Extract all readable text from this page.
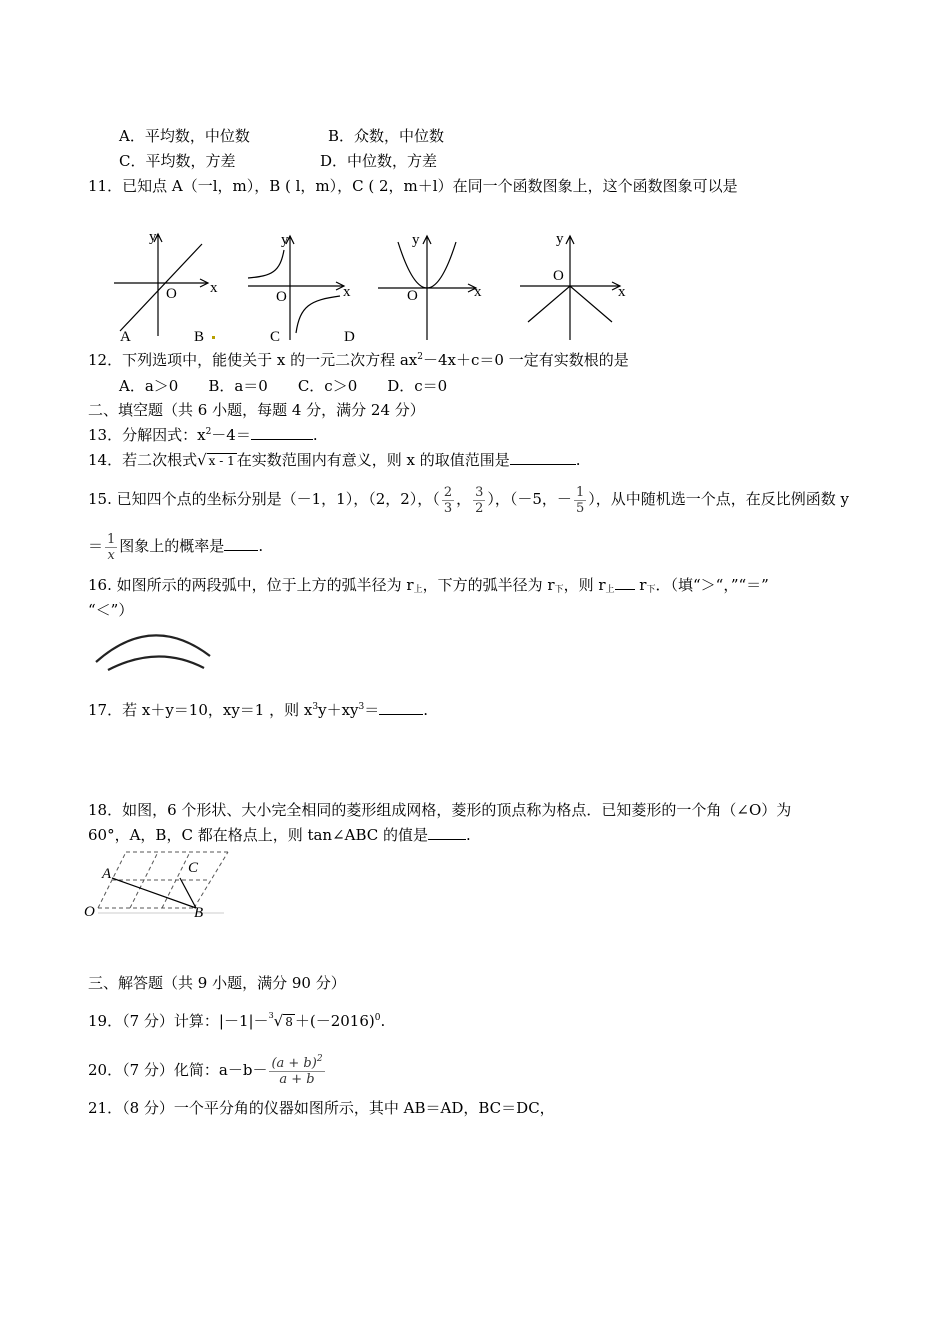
A．平均数，中位数	B．众数，中位数
C．平均数，方差	D．中位数，方差
11．已知点 A（一l，m），B ( l，m），C ( 2，m＋l）在同一个函数图象上，这个函数图象可以是
y
x
O
y
x
O
y
x
O
y
x
O
A	B	C	D
12．下列选项中，能使关于 x 的一元二次方程 $ax^2-4x+c=0$ 一定有实数根的是
A．a＞0　　B．a＝0　　C．c＞0　　D．c＝0
二、填空题（共 6 小题，每题 4 分，满分 24 分）
13．分解因式：$x^2-4=$	.
14．若二次根式√ x - 1 在实数范围内有意义，则 x 的取值范围是	.
15. 已知四个点的坐标分别是（－1，1），（2，2），（ $\frac{2}{3}$ ， $\frac{3}{2}$ ），（－5，－ $\frac{1}{5}$ ），从中随机选一个点，在反比例函数 y
＝ $\frac{1}{x}$ 图象上的概率是 .
16. 如图所示的两段弧中，位于上方的弧半径为 $r_上$，下方的弧半径为 $r_下$，则 $r_上$ $r_下$．（填“＞“，”“＝”
“＜”）
17．若 x＋y＝10，xy＝1 ，则 $x^3y+xy^3=$	.
18．如图，6 个形状、大小完全相同的菱形组成网格，菱形的顶点称为格点．已知菱形的一个角（∠O）为
60°，A，B，C 都在格点上，则 tan∠ABC 的值是	.
A	C
B
O
三、解答题（共 9 小题，满分 90 分）
19．（7 分）计算：|－1|－$^3$√ $8 +(-2016)^0$.
20．（7 分）化简：$a-b- \frac{(a + b)^2}{a + b}$
21．（8 分）一个平分角的仪器如图所示，其中 AB＝AD，BC＝DC，
